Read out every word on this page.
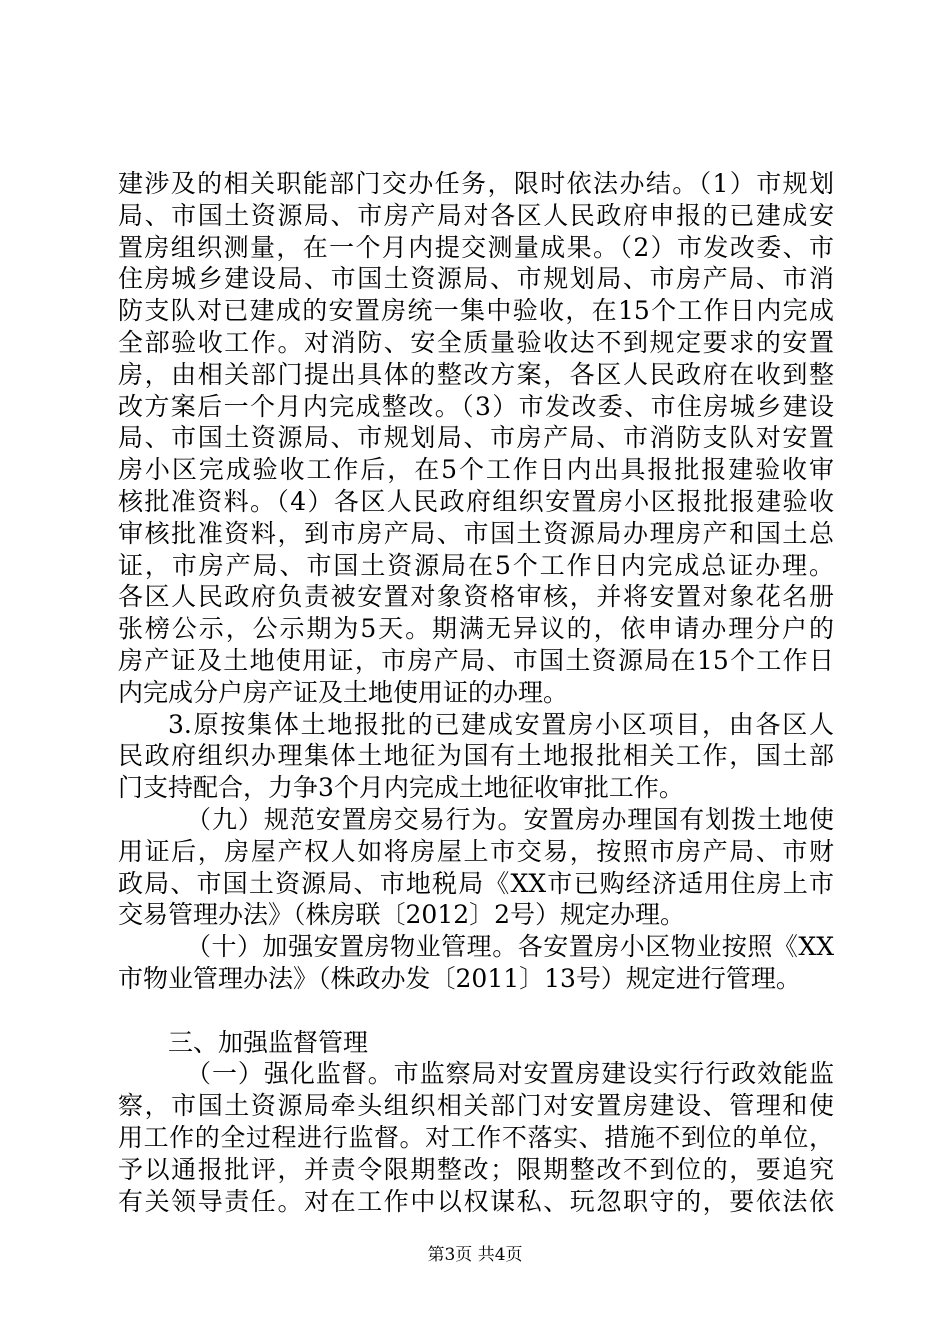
建涉及的相关职能部门交办任务，限时依法办结。（1）市规划
局、市国土资源局、市房产局对各区人民政府申报的已建成安
置房组织测量，在一个月内提交测量成果。（2）市发改委、市
住房城乡建设局、市国土资源局、市规划局、市房产局、市消
防支队对已建成的安置房统一集中验收，在15个工作日内完成
全部验收工作。对消防、安全质量验收达不到规定要求的安置
房，由相关部门提出具体的整改方案，各区人民政府在收到整
改方案后一个月内完成整改。（3）市发改委、市住房城乡建设
局、市国土资源局、市规划局、市房产局、市消防支队对安置
房小区完成验收工作后，在5个工作日内出具报批报建验收审
核批准资料。（4）各区人民政府组织安置房小区报批报建验收
审核批准资料，到市房产局、市国土资源局办理房产和国土总
证，市房产局、市国土资源局在5个工作日内完成总证办理。
各区人民政府负责被安置对象资格审核，并将安置对象花名册
张榜公示，公示期为5天。期满无异议的，依申请办理分户的
房产证及土地使用证，市房产局、市国土资源局在15个工作日
内完成分户房产证及土地使用证的办理。
3.原按集体土地报批的已建成安置房小区项目，由各区人
民政府组织办理集体土地征为国有土地报批相关工作，国土部
门支持配合，力争3个月内完成土地征收审批工作。
（九）规范安置房交易行为。安置房办理国有划拨土地使
用证后，房屋产权人如将房屋上市交易，按照市房产局、市财
政局、市国土资源局、市地税局《XX市已购经济适用住房上市
交易管理办法》（株房联〔2012〕2号）规定办理。
（十）加强安置房物业管理。各安置房小区物业按照《XX
市物业管理办法》（株政办发〔2011〕13号）规定进行管理。
三、加强监督管理
（一）强化监督。市监察局对安置房建设实行行政效能监
察，市国土资源局牵头组织相关部门对安置房建设、管理和使
用工作的全过程进行监督。对工作不落实、措施不到位的单位，
予以通报批评，并责令限期整改；限期整改不到位的，要追究
有关领导责任。对在工作中以权谋私、玩忽职守的，要依法依
第3页 共4页
